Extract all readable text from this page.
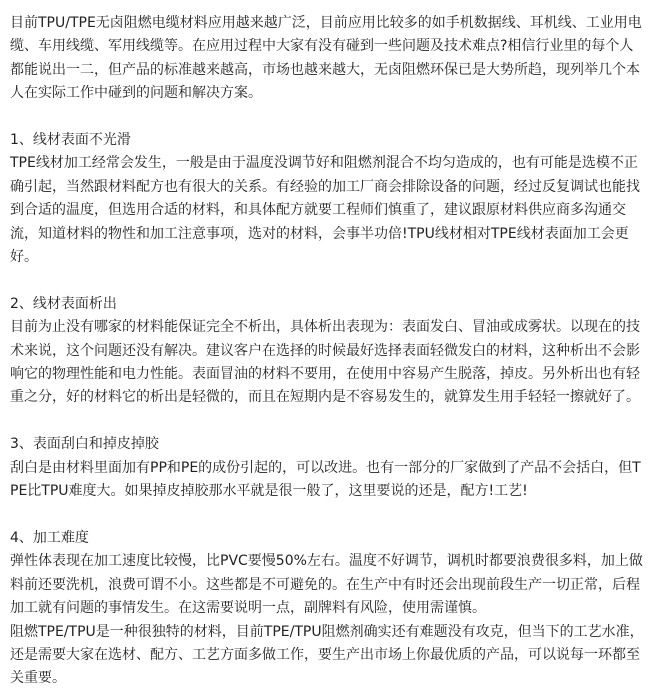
目前TPU/TPE无卤阻燃电缆材料应用越来越广泛，目前应用比较多的如手机数据线、耳机线、工业用电缆、车用线缆、军用线缆等。在应用过程中大家有没有碰到一些问题及技术难点?相信行业里的每个人都能说出一二，但产品的标准越来越高，市场也越来越大，无卤阻燃环保已是大势所趋，现列举几个本人在实际工作中碰到的问题和解决方案。

1、线材表面不光滑

TPE线材加工经常会发生，一般是由于温度没调节好和阻燃剂混合不均匀造成的，也有可能是选模不正确引起，当然跟材料配方也有很大的关系。有经验的加工厂商会排除设备的问题，经过反复调试也能找到合适的温度，但选用合适的材料，和具体配方就要工程师们慎重了，建议跟原材料供应商多沟通交流，知道材料的物性和加工注意事项，选对的材料，会事半功倍!TPU线材相对TPE线材表面加工会更好。

2、线材表面析出

目前为止没有哪家的材料能保证完全不析出，具体析出表现为：表面发白、冒油或成雾状。以现在的技术来说，这个问题还没有解决。建议客户在选择的时候最好选择表面轻微发白的材料，这种析出不会影响它的物理性能和电力性能。表面冒油的材料不要用，在使用中容易产生脱落，掉皮。另外析出也有轻重之分，好的材料它的析出是轻微的，而且在短期内是不容易发生的，就算发生用手轻轻一擦就好了。

3、表面刮白和掉皮掉胶

刮白是由材料里面加有PP和PE的成份引起的，可以改进。也有一部分的厂家做到了产品不会括白，但TPE比TPU难度大。如果掉皮掉胶那水平就是很一般了，这里要说的还是，配方!工艺!

4、加工难度

弹性体表现在加工速度比较慢，比PVC要慢50%左右。温度不好调节，调机时都要浪费很多料，加上做料前还要洗机，浪费可谓不小。这些都是不可避免的。在生产中有时还会出现前段生产一切正常，后程加工就有问题的事情发生。在这需要说明一点，副牌料有风险，使用需谨慎。

阻燃TPE/TPU是一种很独特的材料，目前TPE/TPU阻燃剂确实还有难题没有攻克，但当下的工艺水准，还是需要大家在选材、配方、工艺方面多做工作，要生产出市场上你最优质的产品，可以说每一环都至关重要。
